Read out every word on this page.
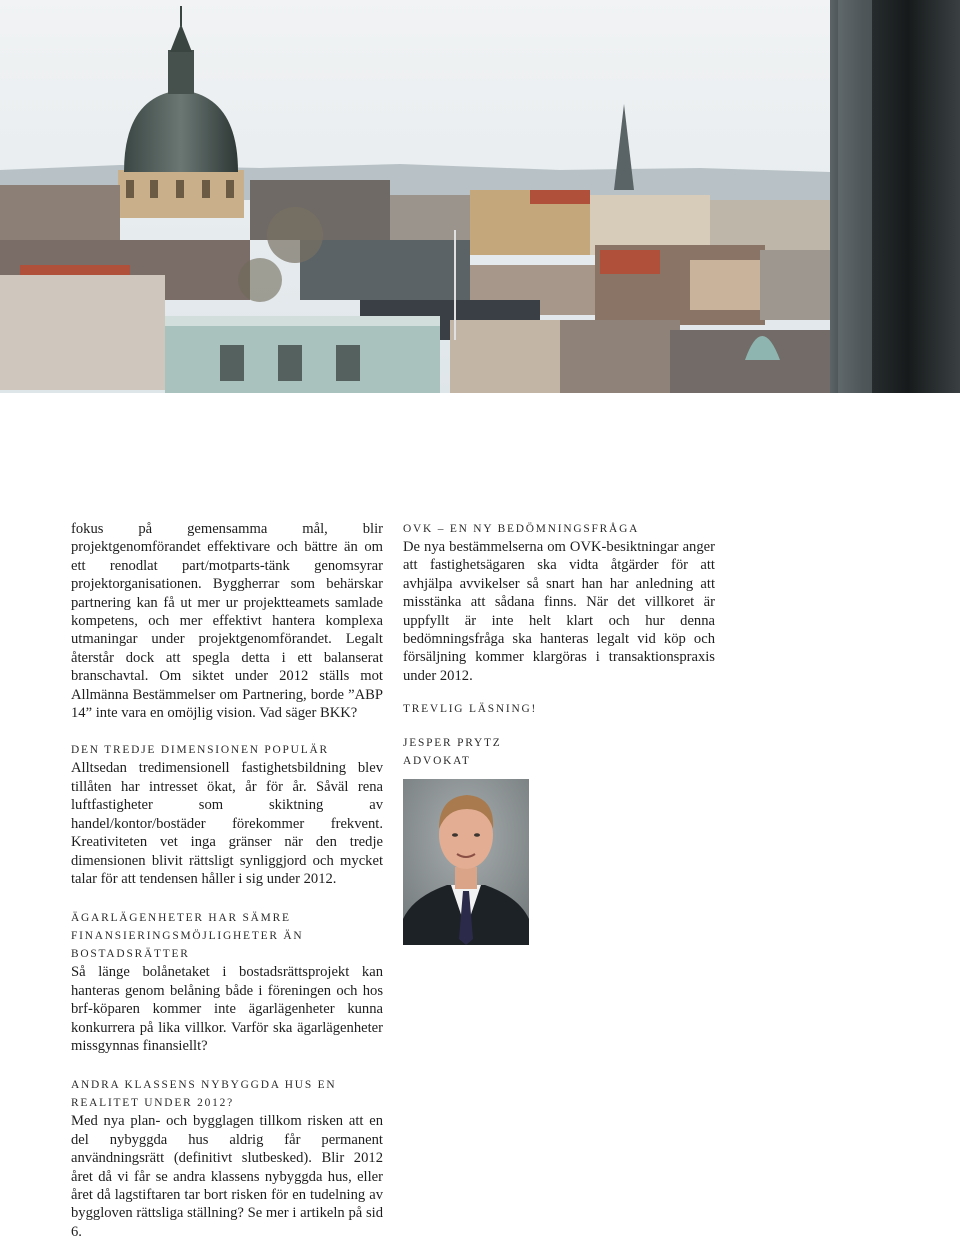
fokus på gemensamma mål, blir projektgenomförandet effektivare och bättre än om ett renodlat part/motparts-tänk genomsyrar projektorganisationen. Byggherrar som behärskar partnering kan få ut mer ur projektteamets samlade kompetens, och mer effektivt hantera komplexa utmaningar under projektgenomförandet. Legalt återstår dock att spegla detta i ett balanserat branschavtal. Om siktet under 2012 ställs mot Allmänna Bestämmelser om Partnering, borde ”ABP 14” inte vara en omöjlig vision. Vad säger BKK?

DEN TREDJE DIMENSIONEN POPULÄR

Alltsedan tredimensionell fastighetsbildning blev tillåten har intresset ökat, år för år. Såväl rena luftfastigheter som skiktning av handel/kontor/bostäder förekommer frekvent. Kreativiteten vet inga gränser när den tredje dimensionen blivit rättsligt synliggjord och mycket talar för att tendensen håller i sig under 2012.

ÄGARLÄGENHETER HAR SÄMRE FINANSIERINGSMÖJLIGHETER ÄN BOSTADSRÄTTER

Så länge bolånetaket i bostadsrättsprojekt kan hanteras genom belåning både i föreningen och hos brf-köparen kommer inte ägarlägenheter kunna konkurrera på lika villkor. Varför ska ägarlägenheter missgynnas finansiellt?

ANDRA KLASSENS NYBYGGDA HUS EN REALITET UNDER 2012?

Med nya plan- och bygglagen tillkom risken att en del nybyggda hus aldrig får permanent användningsrätt (definitivt slutbesked). Blir 2012 året då vi får se andra klassens nybyggda hus, eller året då lagstiftaren tar bort risken för en tudelning av byggloven rättsliga ställning? Se mer i artikeln på sid 6.

OVK – EN NY BEDÖMNINGSFRÅGA

De nya bestämmelserna om OVK-besiktningar anger att fastighetsägaren ska vidta åtgärder för att avhjälpa avvikelser så snart han har anledning att misstänka att sådana finns. När det villkoret är uppfyllt är inte helt klart och hur denna bedömningsfråga ska hanteras legalt vid köp och försäljning kommer klargöras i transaktionspraxis under 2012.

TREVLIG LÄSNING!
JESPER PRYTZ
ADVOKAT
